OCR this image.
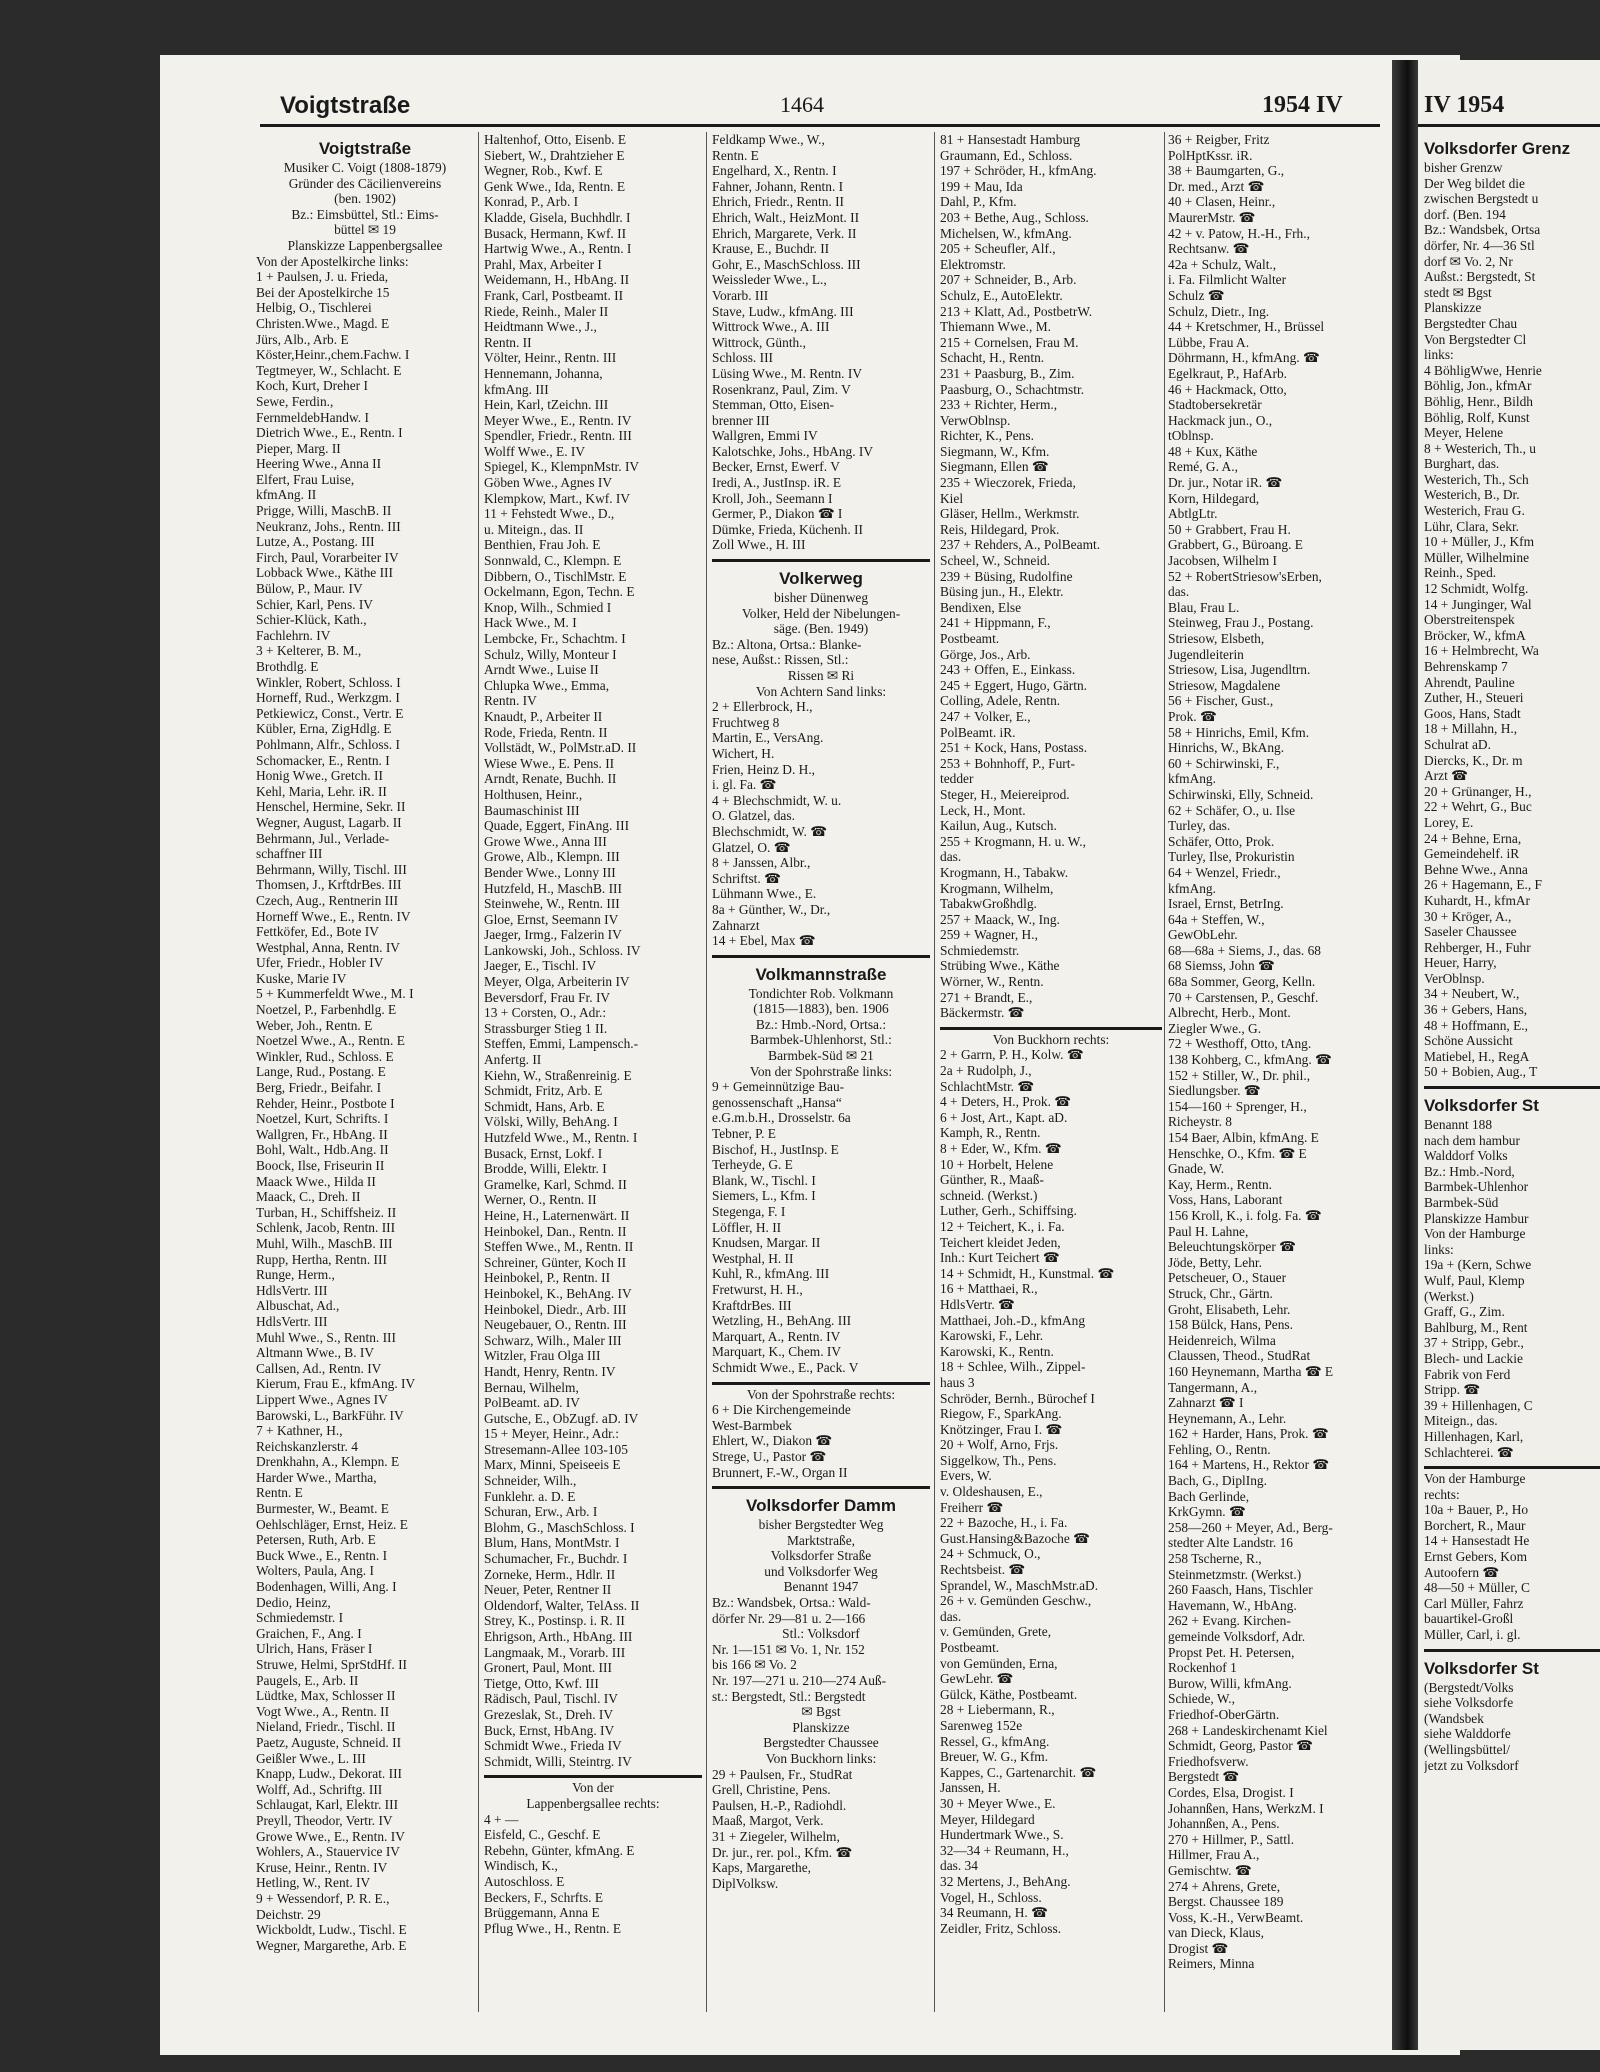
Voigtstraße	1464	1954 IV
Voigtstraße
Musiker C. Voigt (1808-1879)
Gründer des Cäcilienvereins
(ben. 1902)
Bz.: Eimsbüttel, Stl.: Eims-
büttel ✉ 19
Planskizze Lappenbergsallee
Von der Apostelkirche links:
1 + Paulsen, J. u. Frieda,
Bei der Apostelkirche 15
Helbig, O., Tischlerei
Christen.Wwe., Magd. E
Jürs, Alb., Arb. E
Köster,Heinr.,chem.Fachw. I
Tegtmeyer, W., Schlacht. E
Koch, Kurt, Dreher I
Sewe, Ferdin.,
FernmeldebHandw. I
Dietrich Wwe., E., Rentn. I
Pieper, Marg. II
Heering Wwe., Anna II
Elfert, Frau Luise,
kfmAng. II
Prigge, Willi, MaschB. II
Neukranz, Johs., Rentn. III
Lutze, A., Postang. III
Firch, Paul, Vorarbeiter IV
Lobback Wwe., Käthe III
Bülow, P., Maur. IV
Schier, Karl, Pens. IV
Schier-Klück, Kath.,
Fachlehrn. IV
3 + Kelterer, B. M.,
Brothdlg. E
Winkler, Robert, Schloss. I
Horneff, Rud., Werkzgm. I
Petkiewicz, Const., Vertr. E
Kübler, Erna, ZigHdlg. E
Pohlmann, Alfr., Schloss. I
Schomacker, E., Rentn. I
Honig Wwe., Gretch. II
Kehl, Maria, Lehr. iR. II
Henschel, Hermine, Sekr. II
Wegner, August, Lagarb. II
Behrmann, Jul., Verlade-
schaffner III
Behrmann, Willy, Tischl. III
Thomsen, J., KrftdrBes. III
Czech, Aug., Rentnerin III
Horneff Wwe., E., Rentn. IV
Fettköfer, Ed., Bote IV
Westphal, Anna, Rentn. IV
Ufer, Friedr., Hobler IV
Kuske, Marie IV
5 + Kummerfeldt Wwe., M. I
Noetzel, P., Farbenhdlg. E
Weber, Joh., Rentn. E
Noetzel Wwe., A., Rentn. E
Winkler, Rud., Schloss. E
Lange, Rud., Postang. E
Berg, Friedr., Beifahr. I
Rehder, Heinr., Postbote I
Noetzel, Kurt, Schrifts. I
Wallgren, Fr., HbAng. II
Bohl, Walt., Hdb.Ang. II
Boock, Ilse, Friseurin II
Maack Wwe., Hilda II
Maack, C., Dreh. II
Turban, H., Schiffsheiz. II
Schlenk, Jacob, Rentn. III
Muhl, Wilh., MaschB. III
Rupp, Hertha, Rentn. III
Runge, Herm.,
HdlsVertr. III
Albuschat, Ad.,
HdlsVertr. III
Muhl Wwe., S., Rentn. III
Altmann Wwe., B. IV
Callsen, Ad., Rentn. IV
Kierum, Frau E., kfmAng. IV
Lippert Wwe., Agnes IV
Barowski, L., BarkFühr. IV
7 + Kathner, H.,
Reichskanzlerstr. 4
Drenkhahn, A., Klempn. E
Harder Wwe., Martha,
Rentn. E
Burmester, W., Beamt. E
Oehlschläger, Ernst, Heiz. E
Petersen, Ruth, Arb. E
Buck Wwe., E., Rentn. I
Wolters, Paula, Ang. I
Bodenhagen, Willi, Ang. I
Dedio, Heinz,
Schmiedemstr. I
Graichen, F., Ang. I
Ulrich, Hans, Fräser I
Struwe, Helmi, SprStdHf. II
Paugels, E., Arb. II
Lüdtke, Max, Schlosser II
Vogt Wwe., A., Rentn. II
Nieland, Friedr., Tischl. II
Paetz, Auguste, Schneid. II
Geißler Wwe., L. III
Knapp, Ludw., Dekorat. III
Wolff, Ad., Schriftg. III
Schlaugat, Karl, Elektr. III
Preyll, Theodor, Vertr. IV
Growe Wwe., E., Rentn. IV
Wohlers, A., Stauervice IV
Kruse, Heinr., Rentn. IV
Hetling, W., Rent. IV
9 + Wessendorf, P. R. E.,
Deichstr. 29
Wickboldt, Ludw., Tischl. E
Wegner, Margarethe, Arb. E
Haltenhof, Otto, Eisenb. E
Siebert, W., Drahtzieher E
Wegner, Rob., Kwf. E
Genk Wwe., Ida, Rentn. E
Konrad, P., Arb. I
Kladde, Gisela, Buchhdlr. I
Busack, Hermann, Kwf. II
Hartwig Wwe., A., Rentn. I
Prahl, Max, Arbeiter I
Weidemann, H., HbAng. II
Frank, Carl, Postbeamt. II
Riede, Reinh., Maler II
Heidtmann Wwe., J.,
Rentn. II
Völter, Heinr., Rentn. III
Hennemann, Johanna,
kfmAng. III
Hein, Karl, tZeichn. III
Meyer Wwe., E., Rentn. IV
Spendler, Friedr., Rentn. III
Wolff Wwe., E. IV
Spiegel, K., KlempnMstr. IV
Göben Wwe., Agnes IV
Klempkow, Mart., Kwf. IV
11 + Fehstedt Wwe., D.,
u. Miteign., das. II
Benthien, Frau Joh. E
Sonnwald, C., Klempn. E
Dibbern, O., TischlMstr. E
Ockelmann, Egon, Techn. E
Knop, Wilh., Schmied I
Hack Wwe., M. I
Lembcke, Fr., Schachtm. I
Schulz, Willy, Monteur I
Arndt Wwe., Luise II
Chlupka Wwe., Emma,
Rentn. IV
Knaudt, P., Arbeiter II
Rode, Frieda, Rentn. II
Vollstädt, W., PolMstr.aD. II
Wiese Wwe., E. Pens. II
Arndt, Renate, Buchh. II
Holthusen, Heinr.,
Baumaschinist III
Quade, Eggert, FinAng. III
Growe Wwe., Anna III
Growe, Alb., Klempn. III
Bender Wwe., Lonny III
Hutzfeld, H., MaschB. III
Steinwehe, W., Rentn. III
Gloe, Ernst, Seemann IV
Jaeger, Irmg., Falzerin IV
Lankowski, Joh., Schloss. IV
Jaeger, E., Tischl. IV
Meyer, Olga, Arbeiterin IV
Beversdorf, Frau Fr. IV
13 + Corsten, O., Adr.:
Strassburger Stieg 1 II.
Steffen, Emmi, Lampensch.-
Anfertg. II
Kiehn, W., Straßenreinig. E
Schmidt, Fritz, Arb. E
Schmidt, Hans, Arb. E
Völski, Willy, BehAng. I
Hutzfeld Wwe., M., Rentn. I
Busack, Ernst, Lokf. I
Brodde, Willi, Elektr. I
Gramelke, Karl, Schmd. II
Werner, O., Rentn. II
Heine, H., Laternenwärt. II
Heinbokel, Dan., Rentn. II
Steffen Wwe., M., Rentn. II
Schreiner, Günter, Koch II
Heinbokel, P., Rentn. II
Heinbokel, K., BehAng. IV
Heinbokel, Diedr., Arb. III
Neugebauer, O., Rentn. III
Schwarz, Wilh., Maler III
Witzler, Frau Olga III
Handt, Henry, Rentn. IV
Bernau, Wilhelm,
PolBeamt. aD. IV
Gutsche, E., ObZugf. aD. IV
15 + Meyer, Heinr., Adr.:
Stresemann-Allee 103-105
Marx, Minni, Speiseeis E
Schneider, Wilh.,
Funklehr. a. D. E
Schuran, Erw., Arb. I
Blohm, G., MaschSchloss. I
Blum, Hans, MontMstr. I
Schumacher, Fr., Buchdr. I
Zorneke, Herm., Hdlr. II
Neuer, Peter, Rentner II
Oldendorf, Walter, TelAss. II
Strey, K., Postinsp. i. R. II
Ehrigson, Arth., HbAng. III
Langmaak, M., Vorarb. III
Gronert, Paul, Mont. III
Tietge, Otto, Kwf. III
Rädisch, Paul, Tischl. IV
Grezeslak, St., Dreh. IV
Buck, Ernst, HbAng. IV
Schmidt Wwe., Frieda IV
Schmidt, Willi, Steintrg. IV
Von der
Lappenbergsallee rechts:
4 + —
Eisfeld, C., Geschf. E
Rebehn, Günter, kfmAng. E
Windisch, K.,
Autoschloss. E
Beckers, F., Schrfts. E
Brüggemann, Anna E
Pflug Wwe., H., Rentn. E
Feldkamp Wwe., W.,
Rentn. E
Engelhard, X., Rentn. I
Fahner, Johann, Rentn. I
Ehrich, Friedr., Rentn. II
Ehrich, Walt., HeizMont. II
Ehrich, Margarete, Verk. II
Krause, E., Buchdr. II
Gohr, E., MaschSchloss. III
Weissleder Wwe., L.,
Vorarb. III
Stave, Ludw., kfmAng. III
Wittrock Wwe., A. III
Wittrock, Günth.,
Schloss. III
Lüsing Wwe., M. Rentn. IV
Rosenkranz, Paul, Zim. V
Stemman, Otto, Eisen-
brenner III
Wallgren, Emmi IV
Kalotschke, Johs., HbAng. IV
Becker, Ernst, Ewerf. V
Iredi, A., JustInsp. iR. E
Kroll, Joh., Seemann I
Germer, P., Diakon ☎ I
Dümke, Frieda, Küchenh. II
Zoll Wwe., H. III
Volkerweg
bisher Dünenweg
Volker, Held der Nibelungen-
säge. (Ben. 1949)
Bz.: Altona, Ortsa.: Blanke-
nese, Außst.: Rissen, Stl.:
Rissen ✉ Ri
Von Achtern Sand links:
2 + Ellerbrock, H.,
Fruchtweg 8
Martin, E., VersAng.
Wichert, H.
Frien, Heinz D. H.,
i. gl. Fa. ☎
4 + Blechschmidt, W. u.
O. Glatzel, das.
Blechschmidt, W. ☎
Glatzel, O. ☎
8 + Janssen, Albr.,
Schriftst. ☎
Lühmann Wwe., E.
8a + Günther, W., Dr.,
Zahnarzt
14 + Ebel, Max ☎
Volkmannstraße
Tondichter Rob. Volkmann
(1815—1883), ben. 1906
Bz.: Hmb.-Nord, Ortsa.:
Barmbek-Uhlenhorst, Stl.:
Barmbek-Süd ✉ 21
Von der Spohrstraße links:
9 + Gemeinnützige Bau-
genossenschaft „Hansa“
e.G.m.b.H., Drosselstr. 6a
Tebner, P. E
Bischof, H., JustInsp. E
Terheyde, G. E
Blank, W., Tischl. I
Siemers, L., Kfm. I
Stegenga, F. I
Löffler, H. II
Knudsen, Margar. II
Westphal, H. II
Kuhl, R., kfmAng. III
Fretwurst, H. H.,
KraftdrBes. III
Wetzling, H., BehAng. III
Marquart, A., Rentn. IV
Marquart, K., Chem. IV
Schmidt Wwe., E., Pack. V
Von der Spohrstraße rechts:
6 + Die Kirchengemeinde
West-Barmbek
Ehlert, W., Diakon ☎
Strege, U., Pastor ☎
Brunnert, F.-W., Organ II
Volksdorfer Damm
bisher Bergstedter Weg
Marktstraße,
Volksdorfer Straße
und Volksdorfer Weg
Benannt 1947
Bz.: Wandsbek, Ortsa.: Wald-
dörfer Nr. 29—81 u. 2—166
Stl.: Volksdorf
Nr. 1—151 ✉ Vo. 1, Nr. 152
bis 166 ✉ Vo. 2
Nr. 197—271 u. 210—274 Auß-
st.: Bergstedt, Stl.: Bergstedt
✉ Bgst
Planskizze
Bergstedter Chaussee
Von Buckhorn links:
29 + Paulsen, Fr., StudRat
Grell, Christine, Pens.
Paulsen, H.-P., Radiohdl.
Maaß, Margot, Verk.
31 + Ziegeler, Wilhelm,
Dr. jur., rer. pol., Kfm. ☎
Kaps, Margarethe,
DiplVolksw.
81 + Hansestadt Hamburg
Graumann, Ed., Schloss.
197 + Schröder, H., kfmAng.
199 + Mau, Ida
Dahl, P., Kfm.
203 + Bethe, Aug., Schloss.
Michelsen, W., kfmAng.
205 + Scheufler, Alf.,
Elektromstr.
207 + Schneider, B., Arb.
Schulz, E., AutoElektr.
213 + Klatt, Ad., PostbetrW.
Thiemann Wwe., M.
215 + Cornelsen, Frau M.
Schacht, H., Rentn.
231 + Paasburg, B., Zim.
Paasburg, O., Schachtmstr.
233 + Richter, Herm.,
VerwOblnsp.
Richter, K., Pens.
Siegmann, W., Kfm.
Siegmann, Ellen ☎
235 + Wieczorek, Frieda,
Kiel
Gläser, Hellm., Werkmstr.
Reis, Hildegard, Prok.
237 + Rehders, A., PolBeamt.
Scheel, W., Schneid.
239 + Büsing, Rudolfine
Büsing jun., H., Elektr.
Bendixen, Else
241 + Hippmann, F.,
Postbeamt.
Görge, Jos., Arb.
243 + Offen, E., Einkass.
245 + Eggert, Hugo, Gärtn.
Colling, Adele, Rentn.
247 + Volker, E.,
PolBeamt. iR.
251 + Kock, Hans, Postass.
253 + Bohnhoff, P., Furt-
tedder
Steger, H., Meiereiprod.
Leck, H., Mont.
Kailun, Aug., Kutsch.
255 + Krogmann, H. u. W.,
das.
Krogmann, H., Tabakw.
Krogmann, Wilhelm,
TabakwGroßhdlg.
257 + Maack, W., Ing.
259 + Wagner, H.,
Schmiedemstr.
Strübing Wwe., Käthe
Wörner, W., Rentn.
271 + Brandt, E.,
Bäckermstr. ☎
Von Buckhorn rechts:
2 + Garrn, P. H., Kolw. ☎
2a + Rudolph, J.,
SchlachtMstr. ☎
4 + Deters, H., Prok. ☎
6 + Jost, Art., Kapt. aD.
Kamph, R., Rentn.
8 + Eder, W., Kfm. ☎
10 + Horbelt, Helene
Günther, R., Maaß-
schneid. (Werkst.)
Luther, Gerh., Schiffsing.
12 + Teichert, K., i. Fa.
Teichert kleidet Jeden,
Inh.: Kurt Teichert ☎
14 + Schmidt, H., Kunstmal. ☎
16 + Matthaei, R.,
HdlsVertr. ☎
Matthaei, Joh.-D., kfmAng
Karowski, F., Lehr.
Karowski, K., Rentn.
18 + Schlee, Wilh., Zippel-
haus 3
Schröder, Bernh., Bürochef I
Riegow, F., SparkAng.
Knötzinger, Frau I. ☎
20 + Wolf, Arno, Frjs.
Siggelkow, Th., Pens.
Evers, W.
v. Oldeshausen, E.,
Freiherr ☎
22 + Bazoche, H., i. Fa.
Gust.Hansing&Bazoche ☎
24 + Schmuck, O.,
Rechtsbeist. ☎
Sprandel, W., MaschMstr.aD.
26 + v. Gemünden Geschw.,
das.
v. Gemünden, Grete,
Postbeamt.
von Gemünden, Erna,
GewLehr. ☎
Gülck, Käthe, Postbeamt.
28 + Liebermann, R.,
Sarenweg 152e
Ressel, G., kfmAng.
Breuer, W. G., Kfm.
Kappes, C., Gartenarchit. ☎
Janssen, H.
30 + Meyer Wwe., E.
Meyer, Hildegard
Hundertmark Wwe., S.
32—34 + Reumann, H.,
das. 34
32 Mertens, J., BehAng.
Vogel, H., Schloss.
34 Reumann, H. ☎
Zeidler, Fritz, Schloss.
36 + Reigber, Fritz
PolHptKssr. iR.
38 + Baumgarten, G.,
Dr. med., Arzt ☎
40 + Clasen, Heinr.,
MaurerMstr. ☎
42 + v. Patow, H.-H., Frh.,
Rechtsanw. ☎
42a + Schulz, Walt.,
i. Fa. Filmlicht Walter
Schulz ☎
Schulz, Dietr., Ing.
44 + Kretschmer, H., Brüssel
Lübbe, Frau A.
Döhrmann, H., kfmAng. ☎
Egelkraut, P., HafArb.
46 + Hackmack, Otto,
Stadtobersekretär
Hackmack jun., O.,
tOblnsp.
48 + Kux, Käthe
Remé, G. A.,
Dr. jur., Notar iR. ☎
Korn, Hildegard,
AbtlgLtr.
50 + Grabbert, Frau H.
Grabbert, G., Büroang. E
Jacobsen, Wilhelm I
52 + RobertStriesow'sErben,
das.
Blau, Frau L.
Steinweg, Frau J., Postang.
Striesow, Elsbeth,
Jugendleiterin
Striesow, Lisa, Jugendltrn.
Striesow, Magdalene
56 + Fischer, Gust.,
Prok. ☎
58 + Hinrichs, Emil, Kfm.
Hinrichs, W., BkAng.
60 + Schirwinski, F.,
kfmAng.
Schirwinski, Elly, Schneid.
62 + Schäfer, O., u. Ilse
Turley, das.
Schäfer, Otto, Prok.
Turley, Ilse, Prokuristin
64 + Wenzel, Friedr.,
kfmAng.
Israel, Ernst, BetrIng.
64a + Steffen, W.,
GewObLehr.
68—68a + Siems, J., das. 68
68 Siemss, John ☎
68a Sommer, Georg, Kelln.
70 + Carstensen, P., Geschf.
Albrecht, Herb., Mont.
Ziegler Wwe., G.
72 + Westhoff, Otto, tAng.
138 Kohberg, C., kfmAng. ☎
152 + Stiller, W., Dr. phil.,
Siedlungsber. ☎
154—160 + Sprenger, H.,
Richeystr. 8
154 Baer, Albin, kfmAng. E
Henschke, O., Kfm. ☎ E
Gnade, W.
Kay, Herm., Rentn.
Voss, Hans, Laborant
156 Kroll, K., i. folg. Fa. ☎
Paul H. Lahne,
Beleuchtungskörper ☎
Jöde, Betty, Lehr.
Petscheuer, O., Stauer
Struck, Chr., Gärtn.
Groht, Elisabeth, Lehr.
158 Bülck, Hans, Pens.
Heidenreich, Wilma
Claussen, Theod., StudRat
160 Heynemann, Martha ☎ E
Tangermann, A.,
Zahnarzt ☎ I
Heynemann, A., Lehr.
162 + Harder, Hans, Prok. ☎
Fehling, O., Rentn.
164 + Martens, H., Rektor ☎
Bach, G., DiplIng.
Bach Gerlinde,
KrkGymn. ☎
258—260 + Meyer, Ad., Berg-
stedter Alte Landstr. 16
258 Tscherne, R.,
Steinmetzmstr. (Werkst.)
260 Faasch, Hans, Tischler
Havemann, W., HbAng.
262 + Evang. Kirchen-
gemeinde Volksdorf, Adr.
Propst Pet. H. Petersen,
Rockenhof 1
Burow, Willi, kfmAng.
Schiede, W.,
Friedhof-OberGärtn.
268 + Landeskirchenamt Kiel
Schmidt, Georg, Pastor ☎
Friedhofsverw.
Bergstedt ☎
Cordes, Elsa, Drogist. I
Johannßen, Hans, WerkzM. I
Johannßen, A., Pens.
270 + Hillmer, P., Sattl.
Hillmer, Frau A.,
Gemischtw. ☎
274 + Ahrens, Grete,
Bergst. Chaussee 189
Voss, K.-H., VerwBeamt.
van Dieck, Klaus,
Drogist ☎
Reimers, Minna
IV 1954
Volksdorfer Grenz
bisher Grenzw
Der Weg bildet die
zwischen Bergstedt u
dorf. (Ben. 194
Bz.: Wandsbek, Ortsa
dörfer, Nr. 4—36 Stl
dorf ✉ Vo. 2, Nr
Außst.: Bergstedt, St
stedt ✉ Bgst
Planskizze
Bergstedter Chau
Von Bergstedter Cl
links:
4 BöhligWwe, Henrie
Böhlig, Jon., kfmAr
Böhlig, Henr., Bildh
Böhlig, Rolf, Kunst
Meyer, Helene
8 + Westerich, Th., u
Burghart, das.
Westerich, Th., Sch
Westerich, B., Dr.
Westerich, Frau G.
Lühr, Clara, Sekr.
10 + Müller, J., Kfm
Müller, Wilhelmine
Reinh., Sped.
12 Schmidt, Wolfg.
14 + Junginger, Wal
Oberstreitenspek
Bröcker, W., kfmA
16 + Helmbrecht, Wa
Behrenskamp 7
Ahrendt, Pauline
Zuther, H., Steueri
Goos, Hans, Stadt
18 + Millahn, H.,
Schulrat aD.
Diercks, K., Dr. m
Arzt ☎
20 + Grünanger, H.,
22 + Wehrt, G., Buc
Lorey, E.
24 + Behne, Erna,
Gemeindehelf. iR
Behne Wwe., Anna
26 + Hagemann, E., F
Kuhardt, H., kfmAr
30 + Kröger, A.,
Saseler Chaussee
Rehberger, H., Fuhr
Heuer, Harry,
VerOblnsp.
34 + Neubert, W.,
36 + Gebers, Hans,
48 + Hoffmann, E.,
Schöne Aussicht
Matiebel, H., RegA
50 + Bobien, Aug., T
Volksdorfer St
Benannt 188
nach dem hambur
Walddorf Volks
Bz.: Hmb.-Nord,
Barmbek-Uhlenhor
Barmbek-Süd
Planskizze Hambur
Von der Hamburge
links:
19a + (Kern, Schwe
Wulf, Paul, Klemp
(Werkst.)
Graff, G., Zim.
Bahlburg, M., Rent
37 + Stripp, Gebr.,
Blech- und Lackie
Fabrik von Ferd
Stripp. ☎
39 + Hillenhagen, C
Miteign., das.
Hillenhagen, Karl,
Schlachterei. ☎
Von der Hamburge
rechts:
10a + Bauer, P., Ho
Borchert, R., Maur
14 + Hansestadt He
Ernst Gebers, Kom
Autoofern ☎
48—50 + Müller, C
Carl Müller, Fahrz
bauartikel-Großl
Müller, Carl, i. gl.
Volksdorfer St
(Bergstedt/Volks
siehe Volksdorfe
(Wandsbek
siehe Walddorfe
(Wellingsbüttel/
jetzt zu Volksdorf
